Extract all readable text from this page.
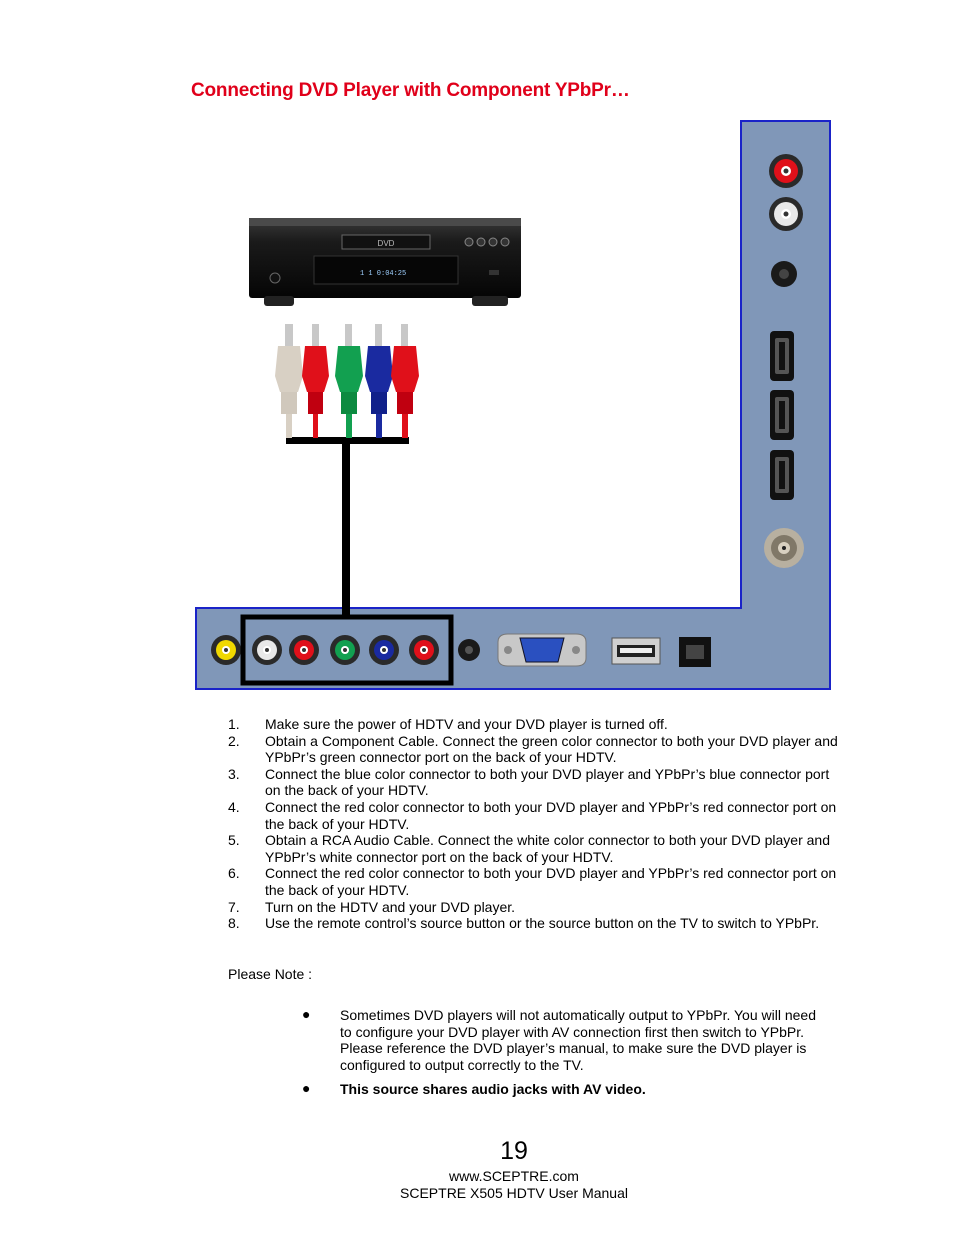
Connecting DVD Player with Component YPbPr…
DVD
1 1 0:04:25
1. Make sure the power of HDTV and your DVD player is turned off.
2. Obtain a Component Cable. Connect the green color connector to both your DVD player and YPbPr’s green connector port on the back of your HDTV.
3. Connect the blue color connector to both your DVD player and YPbPr’s blue connector port on the back of your HDTV.
4. Connect the red color connector to both your DVD player and YPbPr’s red connector port on the back of your HDTV.
5. Obtain a RCA Audio Cable. Connect the white color connector to both your DVD player and YPbPr’s white connector port on the back of your HDTV.
6. Connect the red color connector to both your DVD player and YPbPr’s red connector port on the back of your HDTV.
7. Turn on the HDTV and your DVD player.
8. Use the remote control’s source button or the source button on the TV to switch to YPbPr.
Please Note :
● Sometimes DVD players will not automatically output to YPbPr. You will need to configure your DVD player with AV connection first then switch to YPbPr. Please reference the DVD player’s manual, to make sure the DVD player is configured to output correctly to the TV.
● This source shares audio jacks with AV video.
19
www.SCEPTRE.com
SCEPTRE X505 HDTV User Manual
